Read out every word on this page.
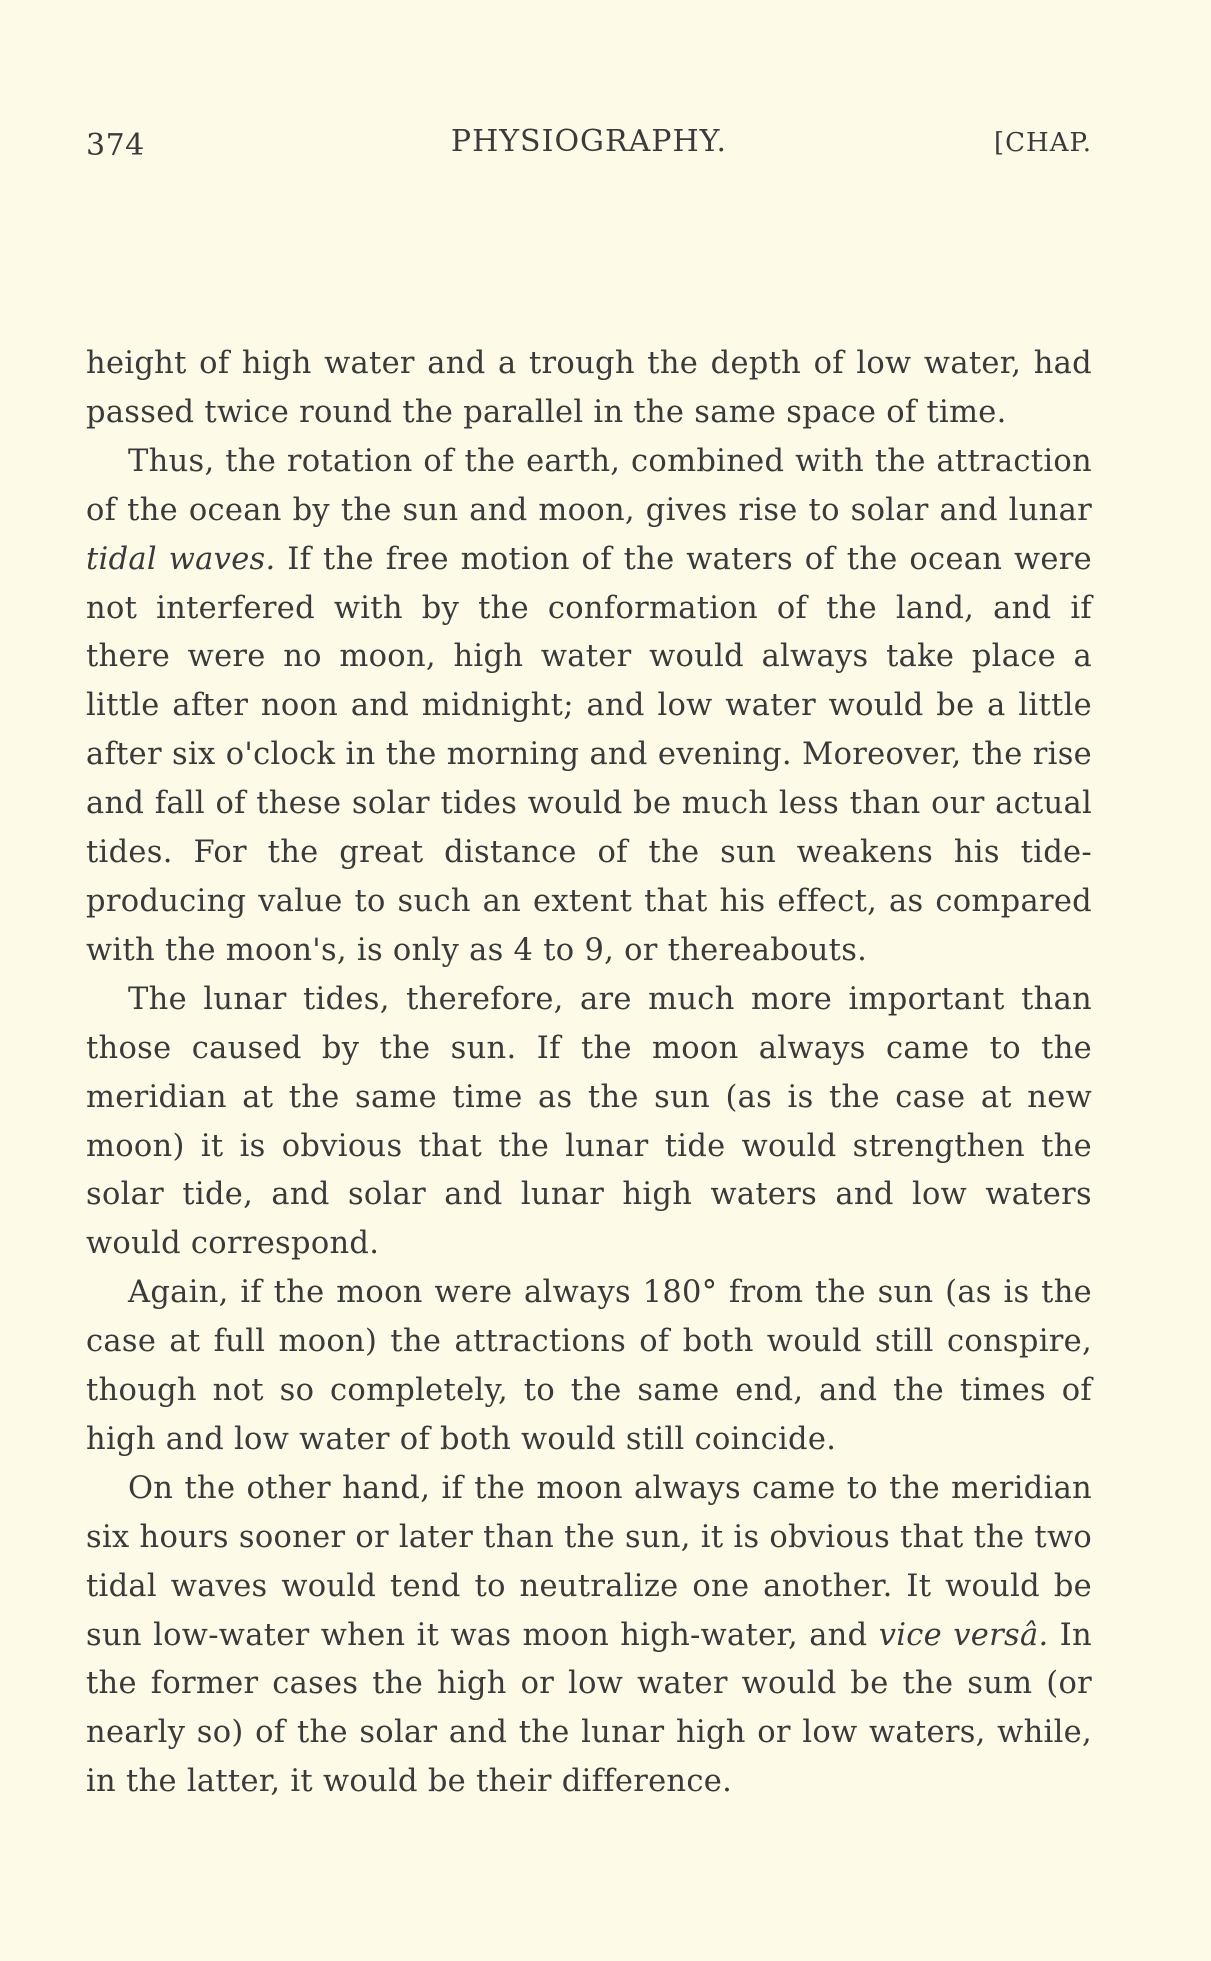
374	PHYSIOGRAPHY.	[CHAP.

height of high water and a trough the depth of low water, had passed twice round the parallel in the same space of time.

Thus, the rotation of the earth, combined with the attraction of the ocean by the sun and moon, gives rise to solar and lunar tidal waves. If the free motion of the waters of the ocean were not interfered with by the conformation of the land, and if there were no moon, high water would always take place a little after noon and midnight; and low water would be a little after six o'clock in the morning and evening. Moreover, the rise and fall of these solar tides would be much less than our actual tides. For the great distance of the sun weakens his tide-producing value to such an extent that his effect, as compared with the moon's, is only as 4 to 9, or thereabouts.

The lunar tides, therefore, are much more important than those caused by the sun. If the moon always came to the meridian at the same time as the sun (as is the case at new moon) it is obvious that the lunar tide would strengthen the solar tide, and solar and lunar high waters and low waters would correspond.

Again, if the moon were always 180° from the sun (as is the case at full moon) the attractions of both would still conspire, though not so completely, to the same end, and the times of high and low water of both would still coincide.

On the other hand, if the moon always came to the meridian six hours sooner or later than the sun, it is obvious that the two tidal waves would tend to neutralize one another. It would be sun low-water when it was moon high-water, and vice versâ. In the former cases the high or low water would be the sum (or nearly so) of the solar and the lunar high or low waters, while, in the latter, it would be their difference.
